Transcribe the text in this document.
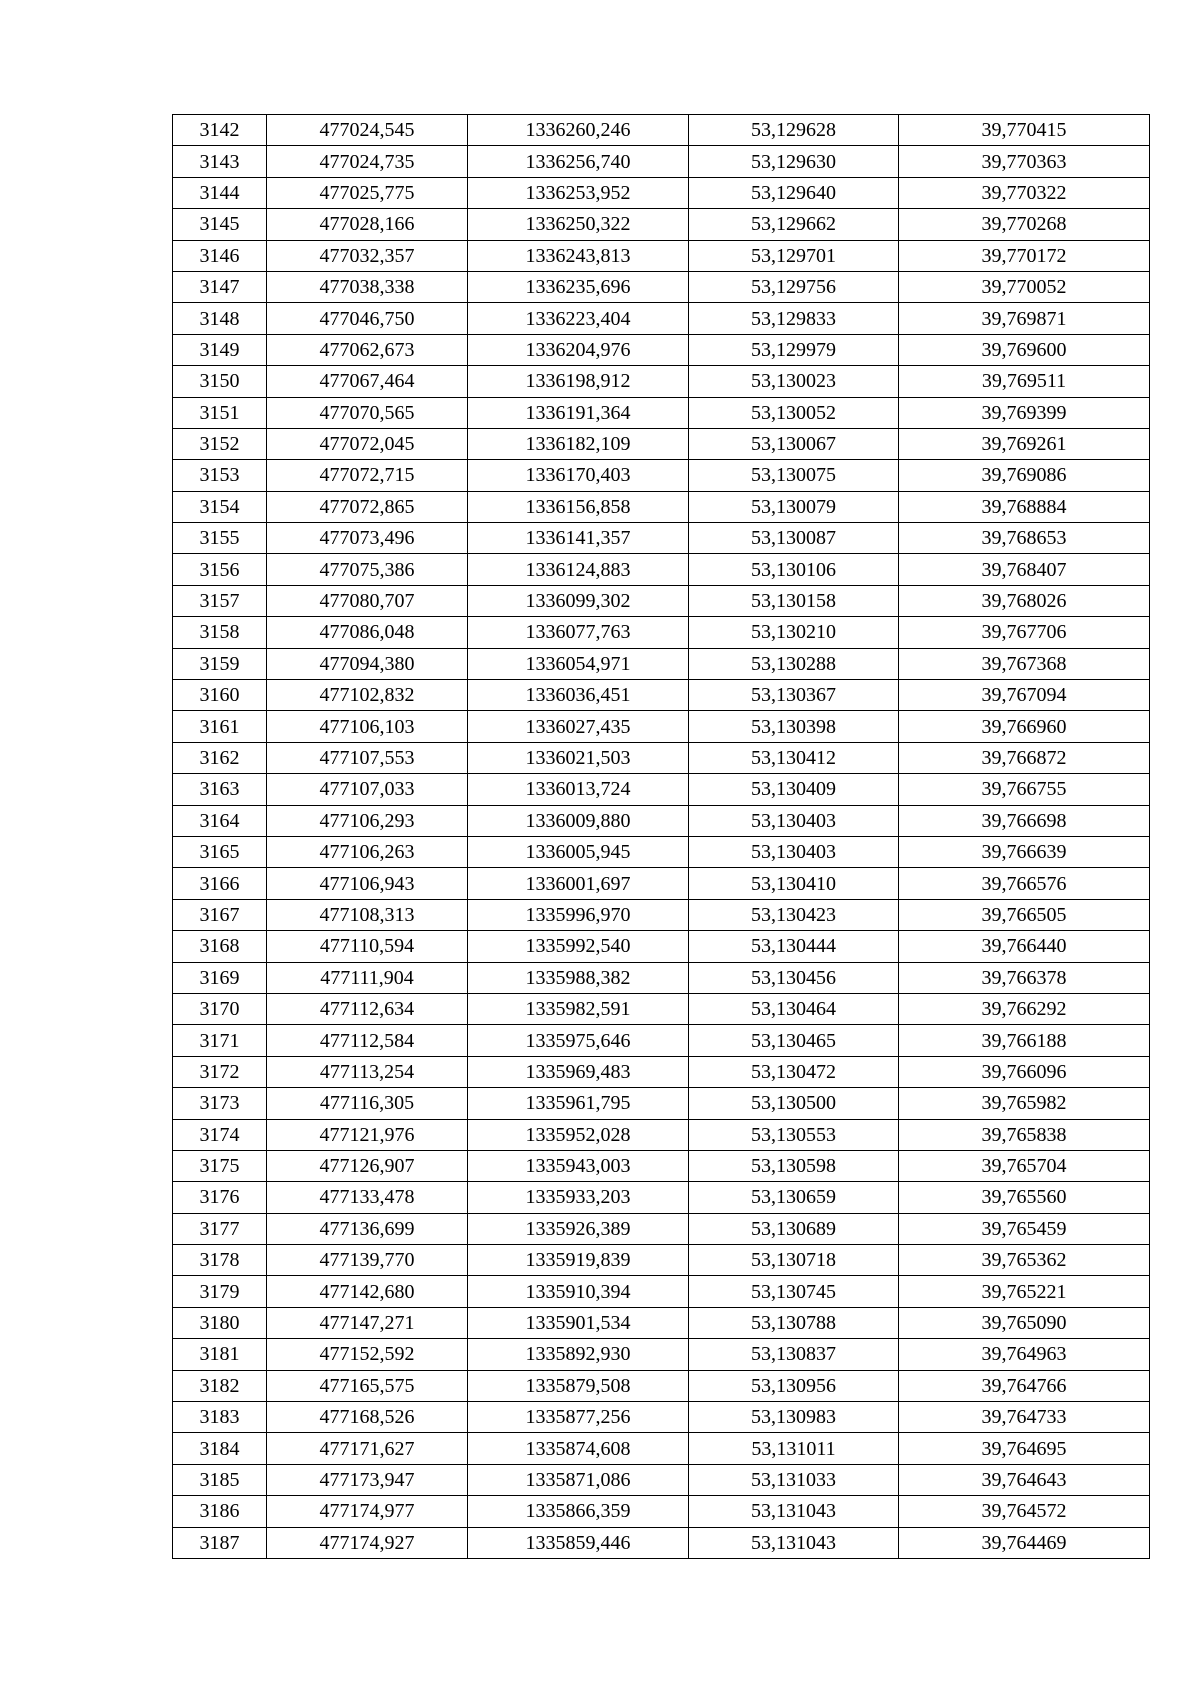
3142	477024,545	1336260,246	53,129628	39,770415
3143	477024,735	1336256,740	53,129630	39,770363
3144	477025,775	1336253,952	53,129640	39,770322
3145	477028,166	1336250,322	53,129662	39,770268
3146	477032,357	1336243,813	53,129701	39,770172
3147	477038,338	1336235,696	53,129756	39,770052
3148	477046,750	1336223,404	53,129833	39,769871
3149	477062,673	1336204,976	53,129979	39,769600
3150	477067,464	1336198,912	53,130023	39,769511
3151	477070,565	1336191,364	53,130052	39,769399
3152	477072,045	1336182,109	53,130067	39,769261
3153	477072,715	1336170,403	53,130075	39,769086
3154	477072,865	1336156,858	53,130079	39,768884
3155	477073,496	1336141,357	53,130087	39,768653
3156	477075,386	1336124,883	53,130106	39,768407
3157	477080,707	1336099,302	53,130158	39,768026
3158	477086,048	1336077,763	53,130210	39,767706
3159	477094,380	1336054,971	53,130288	39,767368
3160	477102,832	1336036,451	53,130367	39,767094
3161	477106,103	1336027,435	53,130398	39,766960
3162	477107,553	1336021,503	53,130412	39,766872
3163	477107,033	1336013,724	53,130409	39,766755
3164	477106,293	1336009,880	53,130403	39,766698
3165	477106,263	1336005,945	53,130403	39,766639
3166	477106,943	1336001,697	53,130410	39,766576
3167	477108,313	1335996,970	53,130423	39,766505
3168	477110,594	1335992,540	53,130444	39,766440
3169	477111,904	1335988,382	53,130456	39,766378
3170	477112,634	1335982,591	53,130464	39,766292
3171	477112,584	1335975,646	53,130465	39,766188
3172	477113,254	1335969,483	53,130472	39,766096
3173	477116,305	1335961,795	53,130500	39,765982
3174	477121,976	1335952,028	53,130553	39,765838
3175	477126,907	1335943,003	53,130598	39,765704
3176	477133,478	1335933,203	53,130659	39,765560
3177	477136,699	1335926,389	53,130689	39,765459
3178	477139,770	1335919,839	53,130718	39,765362
3179	477142,680	1335910,394	53,130745	39,765221
3180	477147,271	1335901,534	53,130788	39,765090
3181	477152,592	1335892,930	53,130837	39,764963
3182	477165,575	1335879,508	53,130956	39,764766
3183	477168,526	1335877,256	53,130983	39,764733
3184	477171,627	1335874,608	53,131011	39,764695
3185	477173,947	1335871,086	53,131033	39,764643
3186	477174,977	1335866,359	53,131043	39,764572
3187	477174,927	1335859,446	53,131043	39,764469
